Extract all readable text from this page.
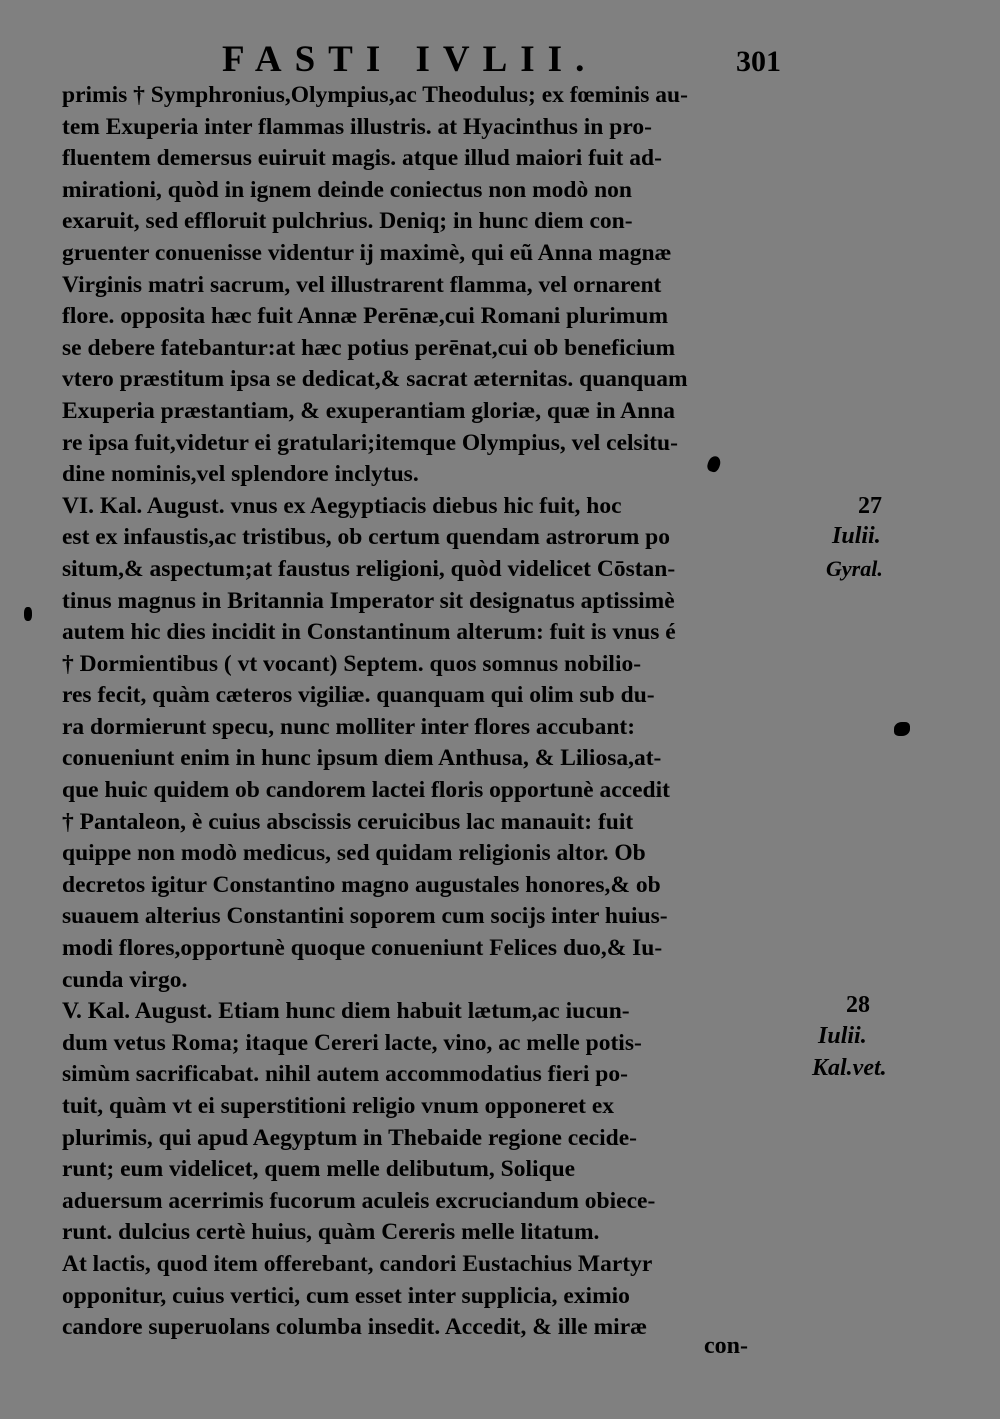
FASTI IVLII.	301
primis † Symphronius,Olympius,ac Theodulus; ex fœminis au-
tem Exuperia inter flammas illustris. at Hyacinthus in pro-
fluentem demersus euiruit magis. atque illud maiori fuit ad-
mirationi, quòd in ignem deinde coniectus non modò non
exaruit, sed effloruit pulchrius. Deniq; in hunc diem con-
gruenter conuenisse videntur ij maximè, qui eũ Anna magnæ
Virginis matri sacrum, vel illustrarent flamma, vel ornarent
flore. opposita hæc fuit Annæ Perēnæ,cui Romani plurimum
se debere fatebantur:at hæc potius perēnat,cui ob beneficium
vtero præstitum ipsa se dedicat,& sacrat æternitas. quanquam
Exuperia præstantiam, & exuperantiam gloriæ, quæ in Anna
re ipsa fuit,videtur ei gratulari;itemque Olympius, vel celsitu-
dine nominis,vel splendore inclytus.
VI. Kal. August. vnus ex Aegyptiacis diebus hic fuit, hoc
est ex infaustis,ac tristibus, ob certum quendam astrorum po
situm,& aspectum;at faustus religioni, quòd videlicet Cōstan-
tinus magnus in Britannia Imperator sit designatus aptissimè
autem hic dies incidit in Constantinum alterum: fuit is vnus é
† Dormientibus ( vt vocant) Septem. quos somnus nobilio-
res fecit, quàm cæteros vigiliæ. quanquam qui olim sub du-
ra dormierunt specu, nunc molliter inter flores accubant:
conueniunt enim in hunc ipsum diem Anthusa, & Liliosa,at-
que huic quidem ob candorem lactei floris opportunè accedit
† Pantaleon, è cuius abscissis ceruicibus lac manauit: fuit
quippe non modò medicus, sed quidam religionis altor. Ob
decretos igitur Constantino magno augustales honores,& ob
suauem alterius Constantini soporem cum socijs inter huius-
modi flores,opportunè quoque conueniunt Felices duo,& Iu-
cunda virgo.
V. Kal. August. Etiam hunc diem habuit lætum,ac iucun-
dum vetus Roma; itaque Cereri lacte, vino, ac melle potis-
simùm sacrificabat. nihil autem accommodatius fieri po-
tuit, quàm vt ei superstitioni religio vnum opponeret ex
plurimis, qui apud Aegyptum in Thebaide regione cecide-
runt; eum videlicet, quem melle delibutum, Solique
aduersum acerrimis fucorum aculeis excruciandum obiece-
runt. dulcius certè huius, quàm Cereris melle litatum.
At lactis, quod item offerebant, candori Eustachius Martyr
opponitur, cuius vertici, cum esset inter supplicia, eximio
candore superuolans columba insedit. Accedit, & ille miræ
27
Iulii.
Gyral.
28
Iulii.
Kal.vet.
con-
